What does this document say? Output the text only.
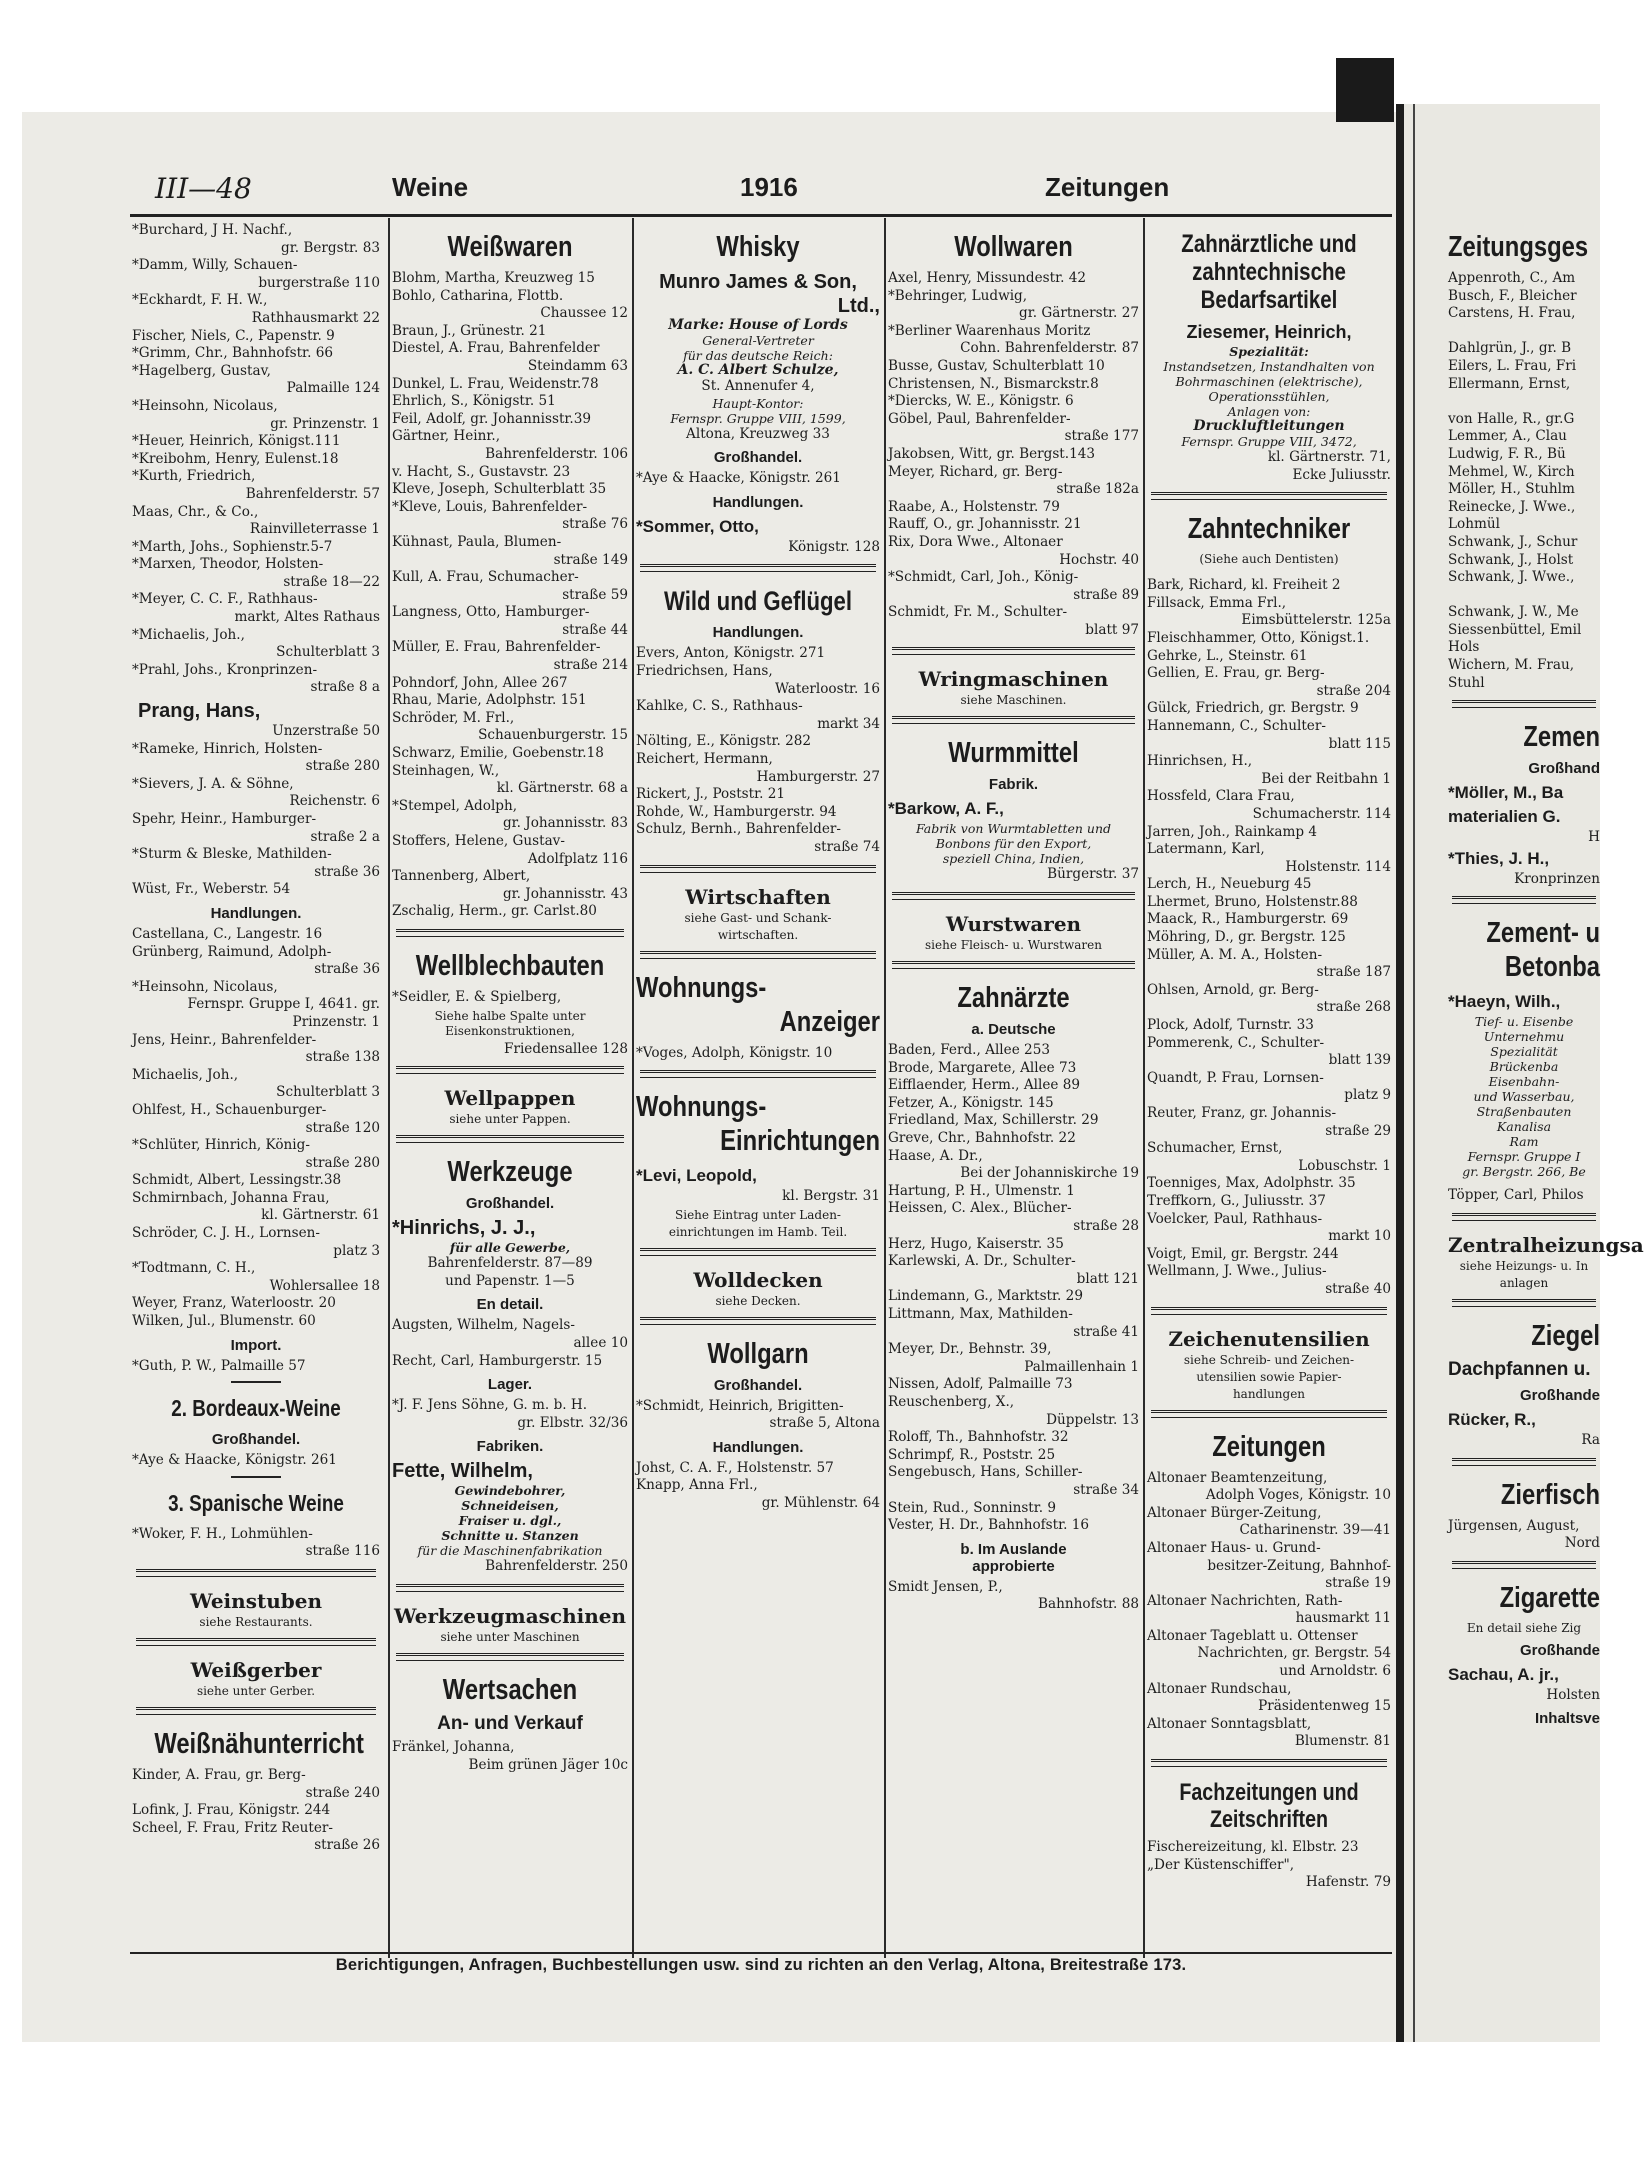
III—48	Weine	1916	Zeitungen
*Burchard, J H. Nachf.,
gr. Bergstr. 83
*Damm, Willy, Schauen-
burgerstraße 110
*Eckhardt, F. H. W.,
Rathhausmarkt 22
Fischer, Niels, C., Papenstr. 9
*Grimm, Chr., Bahnhofstr. 66
*Hagelberg, Gustav,
Palmaille 124
*Heinsohn, Nicolaus,
gr. Prinzenstr. 1
*Heuer, Heinrich, Königst.111
*Kreibohm, Henry, Eulenst.18
*Kurth, Friedrich,
Bahrenfelderstr. 57
Maas, Chr., & Co.,
Rainvilleterrasse 1
*Marth, Johs., Sophienstr.5-7
*Marxen, Theodor, Holsten-
straße 18—22
*Meyer, C. C. F., Rathhaus-
markt, Altes Rathaus
*Michaelis, Joh.,
Schulterblatt 3
*Prahl, Johs., Kronprinzen-
straße 8 a
Prang, Hans,
Unzerstraße 50
*Rameke, Hinrich, Holsten-
straße 280
*Sievers, J. A. & Söhne,
Reichenstr. 6
Spehr, Heinr., Hamburger-
straße 2 a
*Sturm & Bleske, Mathilden-
straße 36
Wüst, Fr., Weberstr. 54
Handlungen.
Castellana, C., Langestr. 16
Grünberg, Raimund, Adolph-
straße 36
*Heinsohn, Nicolaus,
Fernspr. Gruppe I, 4641. gr. Prinzenstr. 1
Jens, Heinr., Bahrenfelder-
straße 138
Michaelis, Joh.,
Schulterblatt 3
Ohlfest, H., Schauenburger-
straße 120
*Schlüter, Hinrich, König-
straße 280
Schmidt, Albert, Lessingstr.38
Schmirnbach, Johanna Frau,
kl. Gärtnerstr. 61
Schröder, C. J. H., Lornsen-
platz 3
*Todtmann, C. H.,
Wohlersallee 18
Weyer, Franz, Waterloostr. 20
Wilken, Jul., Blumenstr. 60
Import.
*Guth, P. W., Palmaille 57
2. Bordeaux-Weine
Großhandel.
*Aye & Haacke, Königstr. 261
3. Spanische Weine
*Woker, F. H., Lohmühlen-
straße 116
Weinstuben
siehe Restaurants.
Weißgerber
siehe unter Gerber.
Weißnähunterricht
Kinder, A. Frau, gr. Berg-
straße 240
Lofink, J. Frau, Königstr. 244
Scheel, F. Frau, Fritz Reuter-
straße 26
Weißwaren
Blohm, Martha, Kreuzweg 15
Bohlo, Catharina, Flottb.
Chaussee 12
Braun, J., Grünestr. 21
Diestel, A. Frau, Bahrenfelder
Steindamm 63
Dunkel, L. Frau, Weidenstr.78
Ehrlich, S., Königstr. 51
Feil, Adolf, gr. Johannisstr.39
Gärtner, Heinr.,
Bahrenfelderstr. 106
v. Hacht, S., Gustavstr. 23
Kleve, Joseph, Schulterblatt 35
*Kleve, Louis, Bahrenfelder-
straße 76
Kühnast, Paula, Blumen-
straße 149
Kull, A. Frau, Schumacher-
straße 59
Langness, Otto, Hamburger-
straße 44
Müller, E. Frau, Bahrenfelder-
straße 214
Pohndorf, John, Allee 267
Rhau, Marie, Adolphstr. 151
Schröder, M. Frl.,
Schauenburgerstr. 15
Schwarz, Emilie, Goebenstr.18
Steinhagen, W.,
kl. Gärtnerstr. 68 a
*Stempel, Adolph,
gr. Johannisstr. 83
Stoffers, Helene, Gustav-
Adolfplatz 116
Tannenberg, Albert,
gr. Johannisstr. 43
Zschalig, Herm., gr. Carlst.80
Wellblechbauten
*Seidler, E. & Spielberg,
Siehe halbe Spalte unter Eisenkonstruktionen,
Friedensallee 128
Wellpappen
siehe unter Pappen.
Werkzeuge
Großhandel.
*Hinrichs, J. J.,
für alle Gewerbe,
Bahrenfelderstr. 87—89
und Papenstr. 1—5
En detail.
Augsten, Wilhelm, Nagels-
allee 10
Recht, Carl, Hamburgerstr. 15
Lager.
*J. F. Jens Söhne, G. m. b. H.
gr. Elbstr. 32/36
Fabriken.
Fette, Wilhelm,
Gewindebohrer,
Schneideisen,
Fraiser u. dgl.,
Schnitte u. Stanzen
für die Maschinenfabrikation
Bahrenfelderstr. 250
Werkzeugmaschinen
siehe unter Maschinen
Wertsachen
An- und Verkauf
Fränkel, Johanna,
Beim grünen Jäger 10c
Whisky
Munro James & Son,
Ltd.,
Marke: House of Lords
General-Vertreter
für das deutsche Reich:
A. C. Albert Schulze,
St. Annenufer 4,
Haupt-Kontor:
Fernspr. Gruppe VIII, 1599,
Altona, Kreuzweg 33
Großhandel.
*Aye & Haacke, Königstr. 261
Handlungen.
*Sommer, Otto,
Königstr. 128
Wild und Geflügel
Handlungen.
Evers, Anton, Königstr. 271
Friedrichsen, Hans,
Waterloostr. 16
Kahlke, C. S., Rathhaus-
markt 34
Nölting, E., Königstr. 282
Reichert, Hermann,
Hamburgerstr. 27
Rickert, J., Poststr. 21
Rohde, W., Hamburgerstr. 94
Schulz, Bernh., Bahrenfelder-
straße 74
Wirtschaften
siehe Gast- und Schank-
wirtschaften.
Wohnungs-
Anzeiger
*Voges, Adolph, Königstr. 10
Wohnungs-
Einrichtungen
*Levi, Leopold,
kl. Bergstr. 31
Siehe Eintrag unter Laden-
einrichtungen im Hamb. Teil.
Wolldecken
siehe Decken.
Wollgarn
Großhandel.
*Schmidt, Heinrich, Brigitten-
straße 5, Altona
Handlungen.
Johst, C. A. F., Holstenstr. 57
Knapp, Anna Frl.,
gr. Mühlenstr. 64
Wollwaren
Axel, Henry, Missundestr. 42
*Behringer, Ludwig,
gr. Gärtnerstr. 27
*Berliner Waarenhaus Moritz
Cohn. Bahrenfelderstr. 87
Busse, Gustav, Schulterblatt 10
Christensen, N., Bismarckstr.8
*Diercks, W. E., Königstr. 6
Göbel, Paul, Bahrenfelder-
straße 177
Jakobsen, Witt, gr. Bergst.143
Meyer, Richard, gr. Berg-
straße 182a
Raabe, A., Holstenstr. 79
Rauff, O., gr. Johannisstr. 21
Rix, Dora Wwe., Altonaer
Hochstr. 40
*Schmidt, Carl, Joh., König-
straße 89
Schmidt, Fr. M., Schulter-
blatt 97
Wringmaschinen
siehe Maschinen.
Wurmmittel
Fabrik.
*Barkow, A. F.,
Fabrik von Wurmtabletten und
Bonbons für den Export,
speziell China, Indien,
Bürgerstr. 37
Wurstwaren
siehe Fleisch- u. Wurstwaren
Zahnärzte
a. Deutsche
Baden, Ferd., Allee 253
Brode, Margarete, Allee 73
Eifflaender, Herm., Allee 89
Fetzer, A., Königstr. 145
Friedland, Max, Schillerstr. 29
Greve, Chr., Bahnhofstr. 22
Haase, A. Dr.,
Bei der Johanniskirche 19
Hartung, P. H., Ulmenstr. 1
Heissen, C. Alex., Blücher-
straße 28
Herz, Hugo, Kaiserstr. 35
Karlewski, A. Dr., Schulter-
blatt 121
Lindemann, G., Marktstr. 29
Littmann, Max, Mathilden-
straße 41
Meyer, Dr., Behnstr. 39,
Palmaillenhain 1
Nissen, Adolf, Palmaille 73
Reuschenberg, X.,
Düppelstr. 13
Roloff, Th., Bahnhofstr. 32
Schrimpf, R., Poststr. 25
Sengebusch, Hans, Schiller-
straße 34
Stein, Rud., Sonninstr. 9
Vester, H. Dr., Bahnhofstr. 16
b. Im Auslande
approbierte
Smidt Jensen, P.,
Bahnhofstr. 88
Zahnärztliche und
zahntechnische
Bedarfsartikel
Ziesemer, Heinrich,
Spezialität:
Instandsetzen, Instandhalten von
Bohrmaschinen (elektrische),
Operationsstühlen,
Anlagen von:
Druckluftleitungen
Fernspr. Gruppe VIII, 3472,
kl. Gärtnerstr. 71,
Ecke Juliusstr.
Zahntechniker
(Siehe auch Dentisten)
Bark, Richard, kl. Freiheit 2
Fillsack, Emma Frl.,
Eimsbüttelerstr. 125a
Fleischhammer, Otto, Königst.1.
Gehrke, L., Steinstr. 61
Gellien, E. Frau, gr. Berg-
straße 204
Gülck, Friedrich, gr. Bergstr. 9
Hannemann, C., Schulter-
blatt 115
Hinrichsen, H.,
Bei der Reitbahn 1
Hossfeld, Clara Frau,
Schumacherstr. 114
Jarren, Joh., Rainkamp 4
Latermann, Karl,
Holstenstr. 114
Lerch, H., Neueburg 45
Lhermet, Bruno, Holstenstr.88
Maack, R., Hamburgerstr. 69
Möhring, D., gr. Bergstr. 125
Müller, A. M. A., Holsten-
straße 187
Ohlsen, Arnold, gr. Berg-
straße 268
Plock, Adolf, Turnstr. 33
Pommerenk, C., Schulter-
blatt 139
Quandt, P. Frau, Lornsen-
platz 9
Reuter, Franz, gr. Johannis-
straße 29
Schumacher, Ernst,
Lobuschstr. 1
Toenniges, Max, Adolphstr. 35
Treffkorn, G., Juliusstr. 37
Voelcker, Paul, Rathhaus-
markt 10
Voigt, Emil, gr. Bergstr. 244
Wellmann, J. Wwe., Julius-
straße 40
Zeichenutensilien
siehe Schreib- und Zeichen-
utensilien sowie Papier-
handlungen
Zeitungen
Altonaer Beamtenzeitung,
Adolph Voges, Königstr. 10
Altonaer Bürger-Zeitung,
Catharinenstr. 39—41
Altonaer Haus- u. Grund-
besitzer-Zeitung, Bahnhof-
straße 19
Altonaer Nachrichten, Rath-
hausmarkt 11
Altonaer Tageblatt u. Ottenser
Nachrichten, gr. Bergstr. 54
und Arnoldstr. 6
Altonaer Rundschau,
Präsidentenweg 15
Altonaer Sonntagsblatt,
Blumenstr. 81
Fachzeitungen und
Zeitschriften
Fischereizeitung, kl. Elbstr. 23
„Der Küstenschiffer",
Hafenstr. 79
Zeitungsges
Appenroth, C., Am
Busch, F., Bleicher
Carstens, H. Frau,

Dahlgrün, J., gr. B
Eilers, L. Frau, Fri
Ellermann, Ernst,

von Halle, R., gr.G
Lemmer, A., Clau
Ludwig, F. R., Bü
Mehmel, W., Kirch
Möller, H., Stuhlm
Reinecke, J. Wwe.,
Lohmül
Schwank, J., Schur
Schwank, J., Holst
Schwank, J. Wwe.,

Schwank, J. W., Me
Siessenbüttel, Emil
Hols
Wichern, M. Frau,
Stuhl
Zemen
Großhand
*Möller, M., Ba
materialien G.
H
*Thies, J. H.,
Kronprinzen
Zement- u
Betonba
*Haeyn, Wilh.,
Tief- u. Eisenbe
Unternehmu
Spezialität
Brückenba
Eisenbahn-
und Wasserbau,
Straßenbauten
Kanalisa
Ram
Fernspr. Gruppe I
gr. Bergstr. 266, Be
Töpper, Carl, Philos
Zentralheizungsa
siehe Heizungs- u. In
anlagen
Ziegel
Dachpfannen u.
Großhande
Rücker, R.,
Ra
Zierfisch
Jürgensen, August,
Nord
Zigarette
En detail siehe Zig
Großhande
Sachau, A. jr.,
Holsten
Inhaltsve
Berichtigungen, Anfragen, Buchbestellungen usw. sind zu richten an den Verlag, Altona, Breitestraße 173.
